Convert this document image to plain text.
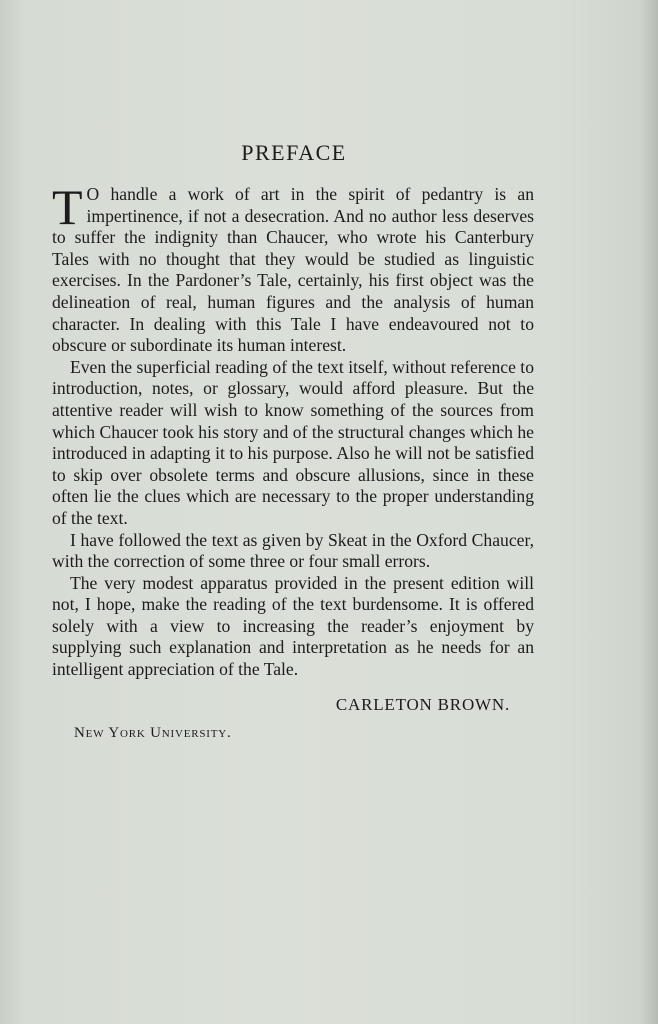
PREFACE

T O handle a work of art in the spirit of pedantry is an impertinence, if not a desecration. And no author less deserves to suffer the indignity than Chaucer, who wrote his Canterbury Tales with no thought that they would be studied as linguistic exercises. In the Pardoner’s Tale, certainly, his first object was the delineation of real, human figures and the analysis of human character. In dealing with this Tale I have endeavoured not to obscure or subordinate its human interest.

Even the superficial reading of the text itself, without reference to introduction, notes, or glossary, would afford pleasure. But the attentive reader will wish to know something of the sources from which Chaucer took his story and of the structural changes which he introduced in adapting it to his purpose. Also he will not be satisfied to skip over obsolete terms and obscure allusions, since in these often lie the clues which are necessary to the proper understanding of the text.

I have followed the text as given by Skeat in the Oxford Chaucer, with the correction of some three or four small errors.

The very modest apparatus provided in the present edition will not, I hope, make the reading of the text burdensome. It is offered solely with a view to increasing the reader’s enjoyment by supplying such explanation and interpretation as he needs for an intelligent appreciation of the Tale.

CARLETON BROWN.
New York University.
